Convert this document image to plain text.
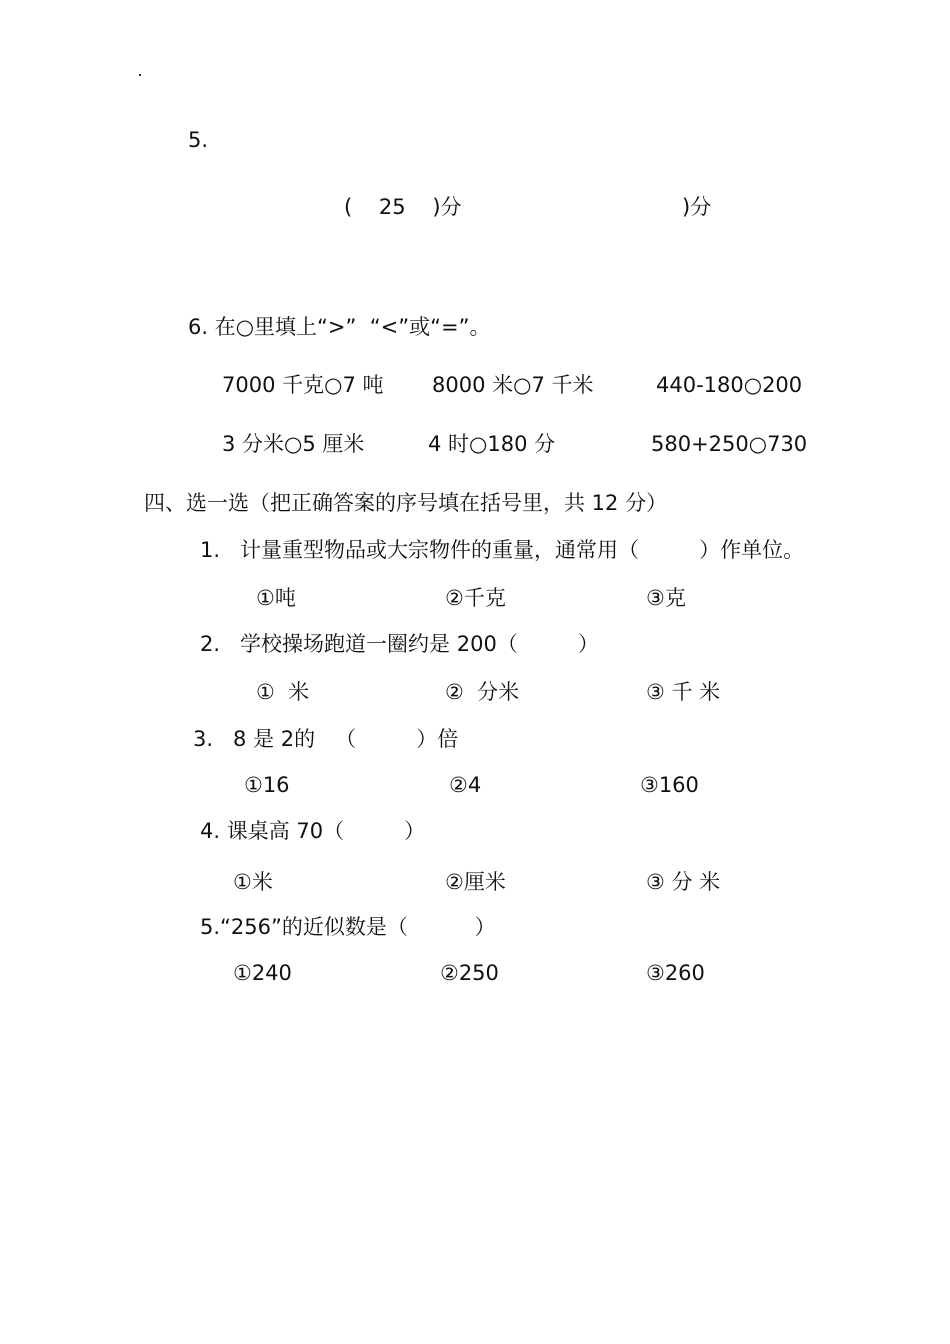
5.
(    25    )分	)分
6. 在○里填上“>”  “<”或“=”。
7000 千克○7 吨 8000 米○7 千米	440-180○200
3 分米○5 厘米	4 时○180 分	580+250○730
四、选一选（把正确答案的序号填在括号里，共 12 分）
1.   计量重型物品或大宗物件的重量，通常用（         ）作单位。
①吨	②千克	③克
2.   学校操场跑道一圈约是 200（         ）
①  米	②  分米	③ 千 米
3.   8 是 2的   （         ）倍
①16	②4	③160
4. 课桌高 70（         ）
①米	②厘米	③ 分 米
5.“256”的近似数是（          ）
①240	②250	③260
